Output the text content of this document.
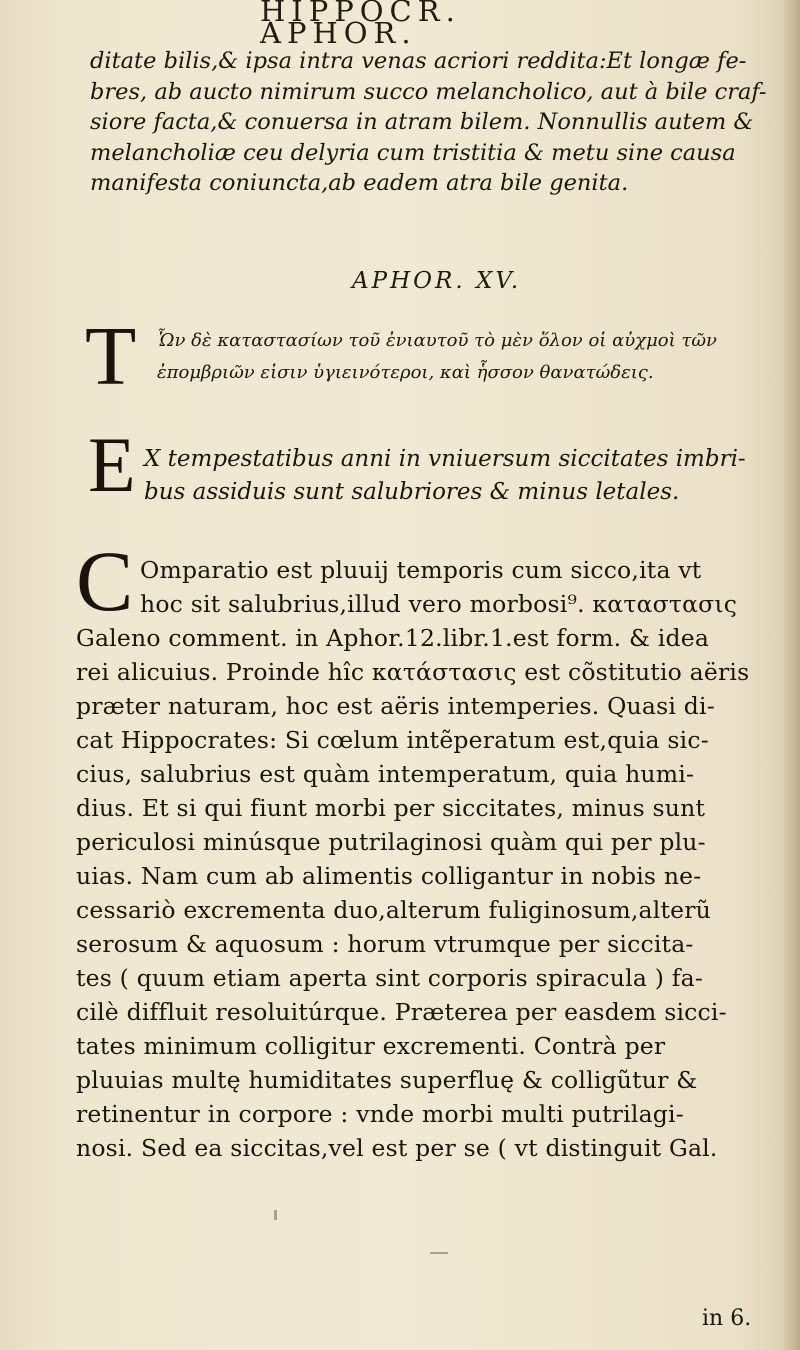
HIPPOCR. APHOR.
ditate bilis,& ipsa intra venas acriori reddita:Et longæ fe-
bres, ab aucto nimirum succo melancholico, aut à bile craf-
siore facta,& conuersa in atram bilem. Nonnullis autem &
melancholiæ ceu delyria cum tristitia & metu sine causa
manifesta coniuncta,ab eadem atra bile genita.
APHOR. XV.
T Ὧν δὲ καταστασίων τοῦ ἐνιαυτοῦ τὸ μὲν ὅλον οἱ αὐχμοὶ τῶν
ἐπομβριῶν εἰσιν ὑγιεινότεροι, καὶ ἧσσον θανατώδεις.
E X tempestatibus anni in vniuersum siccitates imbri-
bus assiduis sunt salubriores & minus letales.
C Omparatio est pluuij temporis cum sicco,ita vt
hoc sit salubrius,illud vero morbosi⁹. καταστασις
Galeno comment. in Aphor.12.libr.1.est form. & idea
rei alicuius. Proinde hîc κατάστασις est cõstitutio aëris
præter naturam, hoc est aëris intemperies. Quasi di-
cat Hippocrates: Si cœlum intẽperatum est,quia sic-
cius, salubrius est quàm intemperatum, quia humi-
dius. Et si qui fiunt morbi per siccitates, minus sunt
periculosi minúsque putrilaginosi quàm qui per plu-
uias. Nam cum ab alimentis colligantur in nobis ne-
cessariò excrementa duo,alterum fuliginosum,alterũ
serosum & aquosum : horum vtrumque per siccita-
tes ( quum etiam aperta sint corporis spiracula ) fa-
cilè diffluit resoluitúrque. Præterea per easdem sicci-
tates minimum colligitur excrementi. Contrà per
pluuias multę humiditates superfluę & colligũtur &
retinentur in corpore : vnde morbi multi putrilagi-
nosi. Sed ea siccitas,vel est per se ( vt distinguit Gal.
in 6.
